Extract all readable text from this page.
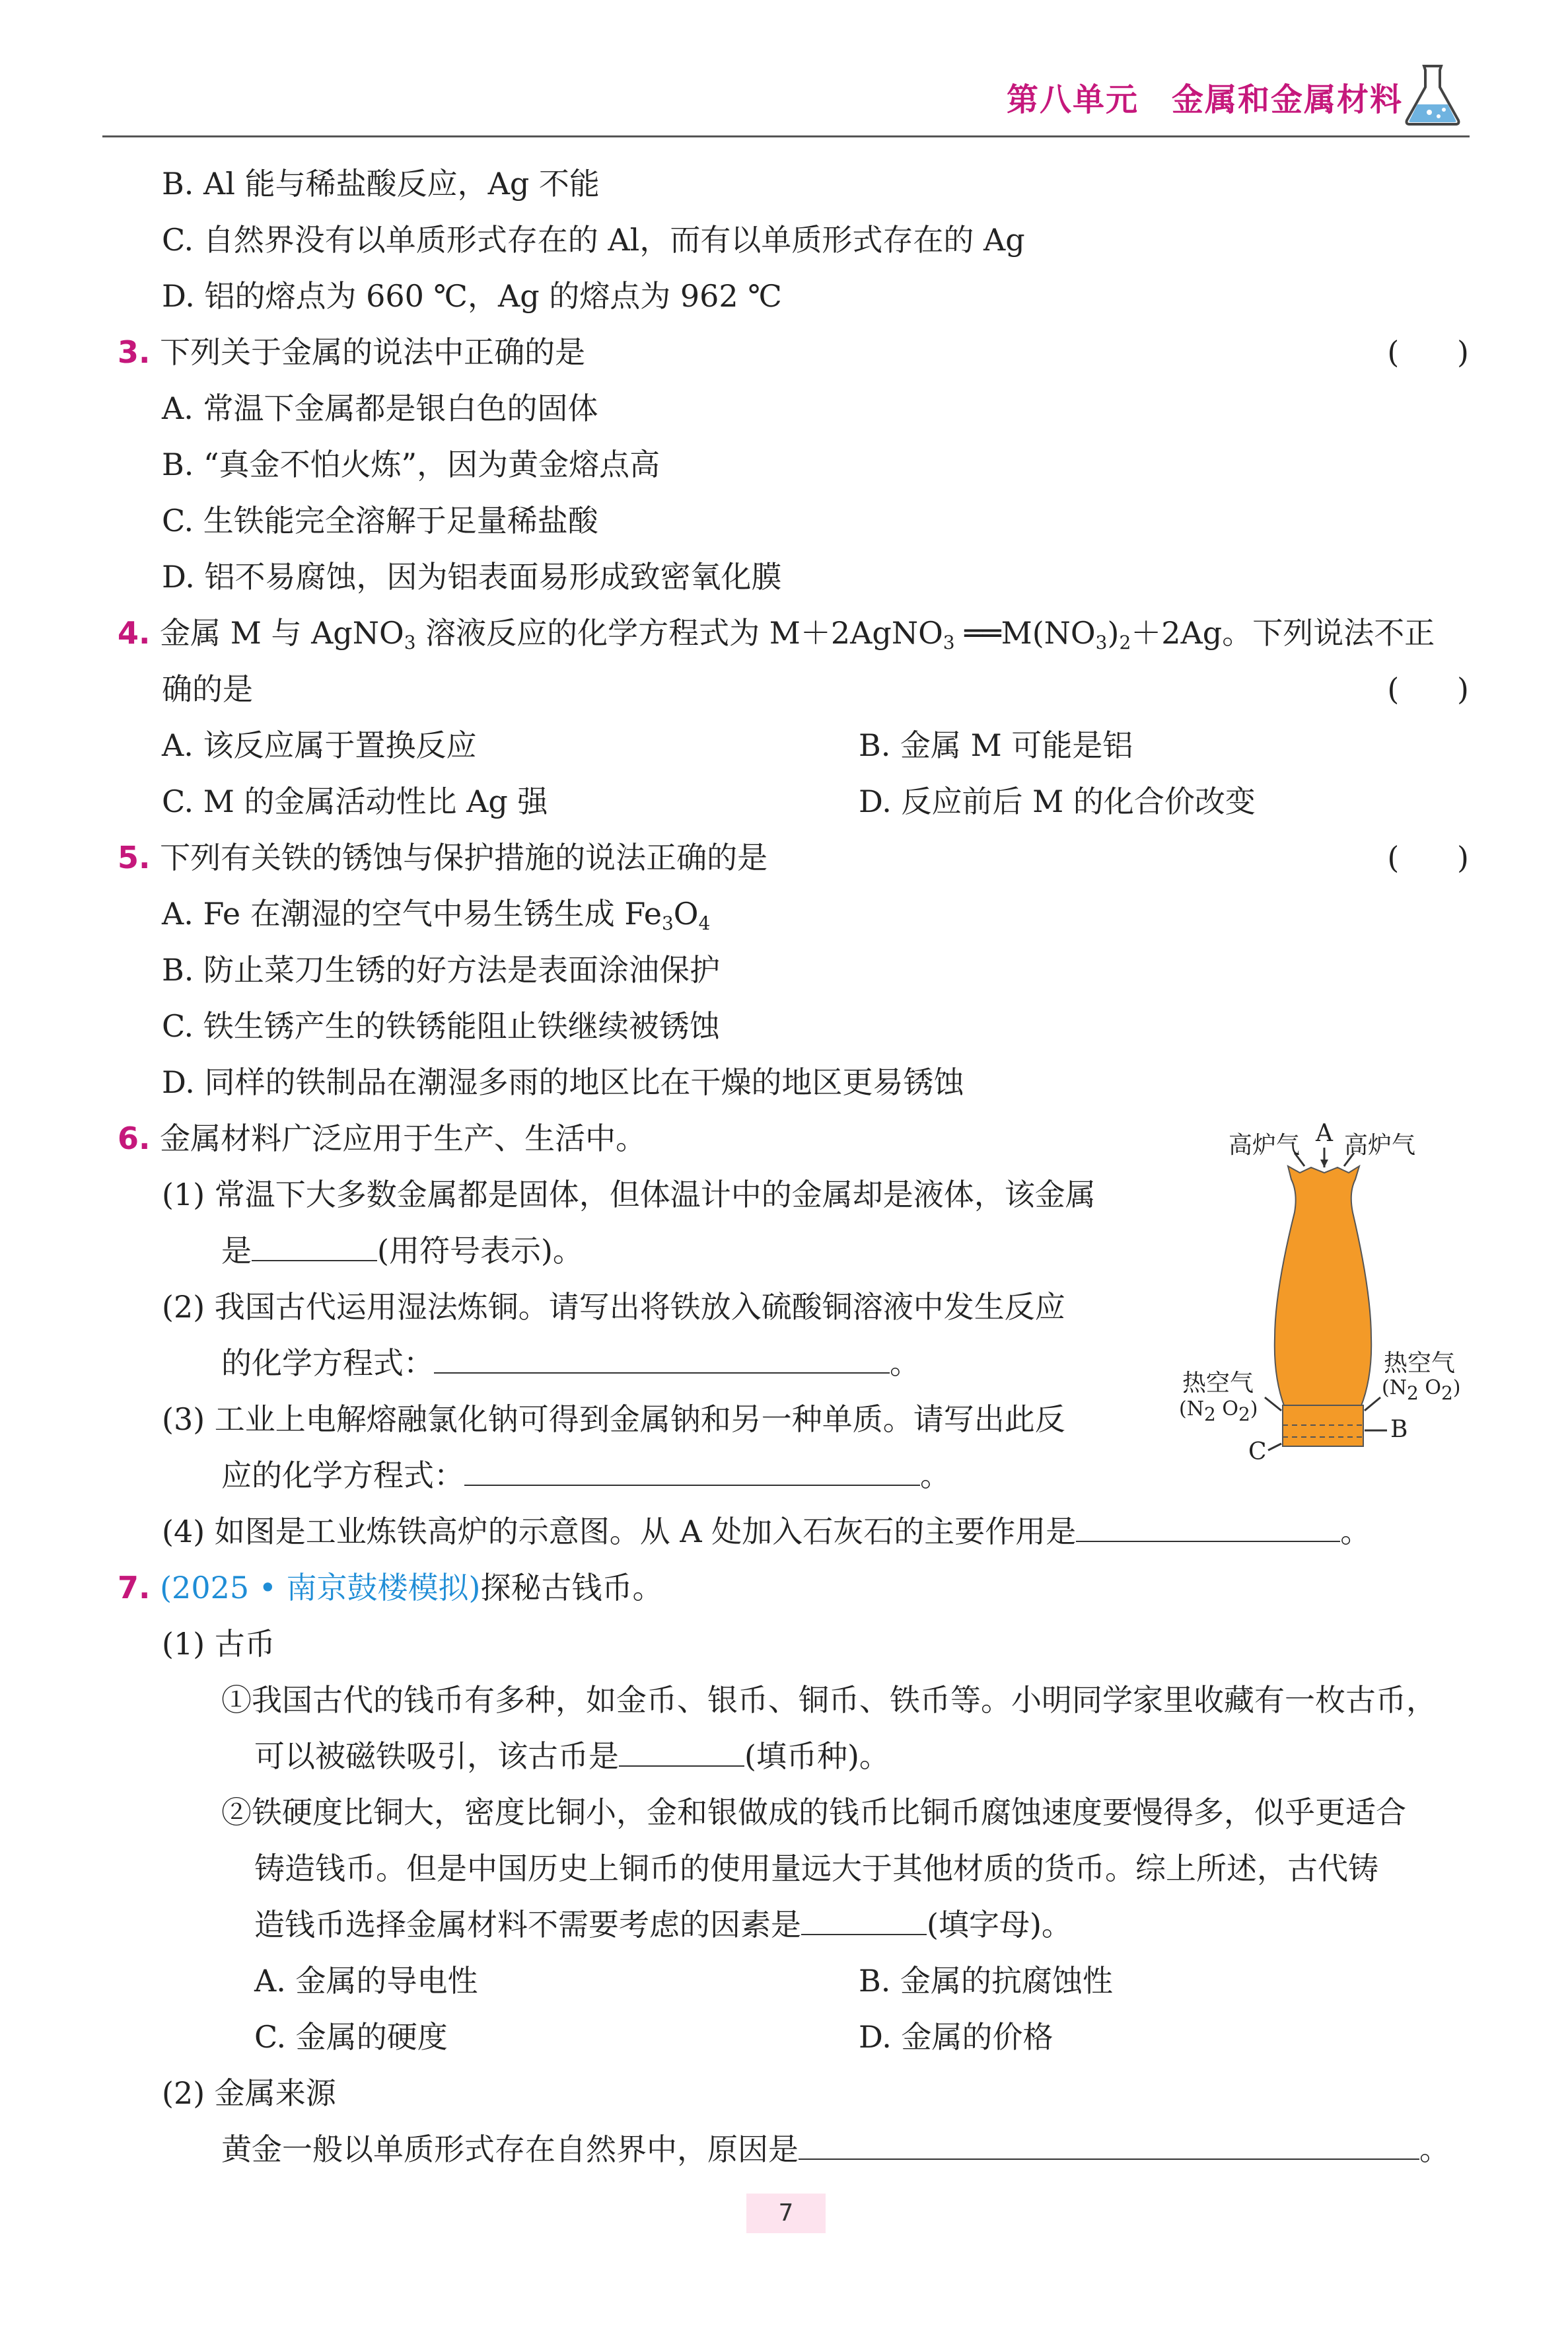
第八单元 金属和金属材料
B. Al 能与稀盐酸反应，Ag 不能
C. 自然界没有以单质形式存在的 Al，而有以单质形式存在的 Ag
D. 铝的熔点为 660 ℃，Ag 的熔点为 962 ℃
3. 下列关于金属的说法中正确的是	(      )
A. 常温下金属都是银白色的固体
B. “真金不怕火炼”，因为黄金熔点高
C. 生铁能完全溶解于足量稀盐酸
D. 铝不易腐蚀，因为铝表面易形成致密氧化膜
4. 金属 M 与 AgNO$_3$ 溶液反应的化学方程式为 M＋2AgNO$_3$ $══M(NO_3)_2+2Ag$。下列说法不正
确的是	(      )
A. 该反应属于置换反应	B. 金属 M 可能是铝
C. M 的金属活动性比 Ag 强	D. 反应前后 M 的化合价改变
5. 下列有关铁的锈蚀与保护措施的说法正确的是	(      )
A. Fe 在潮湿的空气中易生锈生成 $Fe_3O_4$
B. 防止菜刀生锈的好方法是表面涂油保护
C. 铁生锈产生的铁锈能阻止铁继续被锈蚀
D. 同样的铁制品在潮湿多雨的地区比在干燥的地区更易锈蚀
6. 金属材料广泛应用于生产、生活中。
(1) 常温下大多数金属都是固体，但体温计中的金属却是液体，该金属
是	(用符号表示)。
(2) 我国古代运用湿法炼铜。请写出将铁放入硫酸铜溶液中发生反应
的化学方程式：	。
(3) 工业上电解熔融氯化钠可得到金属钠和另一种单质。请写出此反
应的化学方程式：	。
(4) 如图是工业炼铁高炉的示意图。从 A 处加入石灰石的主要作用是	。
高炉气 A 高炉气
热空气
($N_2$ $O_2$)
热空气
($N_2$ $O_2$)
B
C
7. (2025 • 南京鼓楼模拟)探秘古钱币。
(1) 古币
①我国古代的钱币有多种，如金币、银币、铜币、铁币等。小明同学家里收藏有一枚古币，
可以被磁铁吸引，该古币是	(填币种)。
②铁硬度比铜大，密度比铜小，金和银做成的钱币比铜币腐蚀速度要慢得多，似乎更适合
铸造钱币。但是中国历史上铜币的使用量远大于其他材质的货币。综上所述，古代铸
造钱币选择金属材料不需要考虑的因素是	(填字母)。
A. 金属的导电性	B. 金属的抗腐蚀性
C. 金属的硬度	D. 金属的价格
(2) 金属来源
黄金一般以单质形式存在自然界中，原因是	。
7
